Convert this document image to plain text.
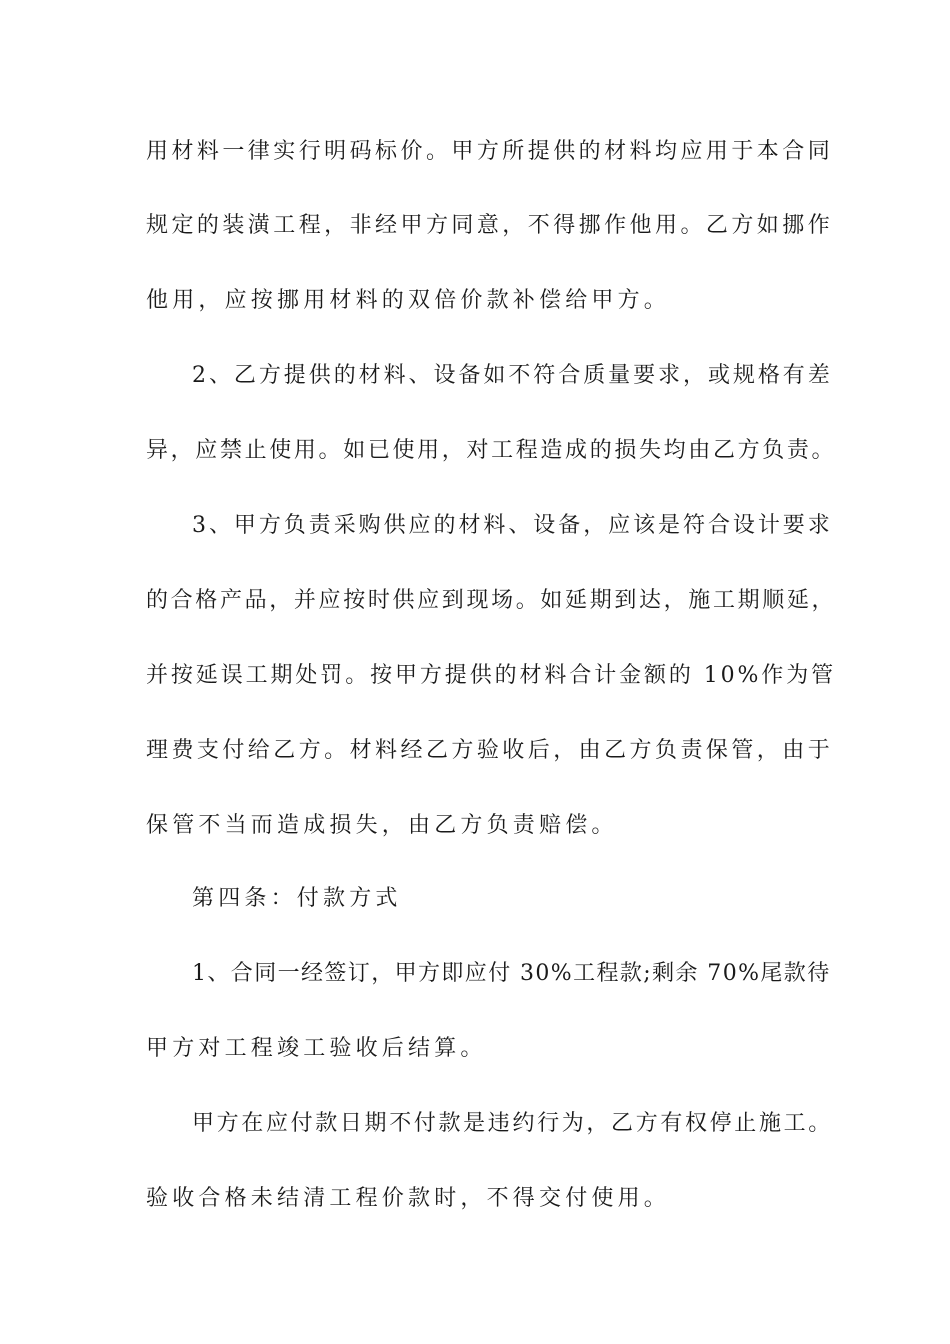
用材料一律实行明码标价。甲方所提供的材料均应用于本合同
规定的装潢工程，非经甲方同意，不得挪作他用。乙方如挪作
他用，应按挪用材料的双倍价款补偿给甲方。
2、乙方提供的材料、设备如不符合质量要求，或规格有差
异，应禁止使用。如已使用，对工程造成的损失均由乙方负责。
3、甲方负责采购供应的材料、设备，应该是符合设计要求
的合格产品，并应按时供应到现场。如延期到达，施工期顺延，
并按延误工期处罚。按甲方提供的材料合计金额的 10%作为管
理费支付给乙方。材料经乙方验收后，由乙方负责保管，由于
保管不当而造成损失，由乙方负责赔偿。
第四条：付款方式
1、合同一经签订，甲方即应付 30%工程款;剩余 70%尾款待
甲方对工程竣工验收后结算。
甲方在应付款日期不付款是违约行为，乙方有权停止施工。
验收合格未结清工程价款时，不得交付使用。
